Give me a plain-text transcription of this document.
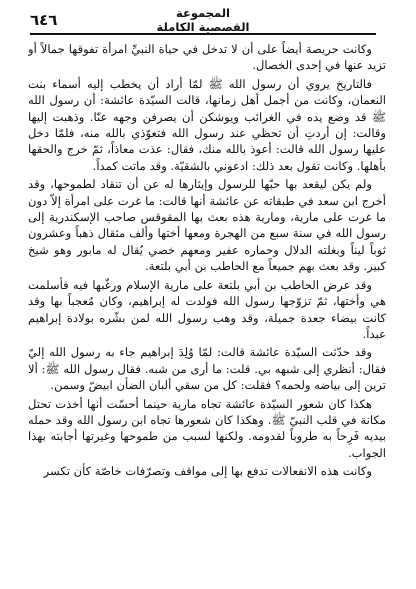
المجموعة
القصصية الكاملة
٦٤٦

وكانت حريصة أيضاً على أن لا تدخل في حياة النبيِّ امرأة تفوقها جمالاً أو تزيد عنها في إحدى الخصال.

فالتاريخ يروي أن رسول الله ﷺ لمّا أراد أن يخطب إليه أسماء بنت النعمان، وكانت من أجمل أهل زمانها، قالت السيّدة عائشة: أن رسول الله ﷺ قد وضع يده في الغرائب ويوشكن أن يصرفن وجهه عنّا. وذهبت إليها وقالت: إن أردتِ أن تحظي عند رسول الله فتعوّذي بالله منه، فلمّا دخل عليها رسول الله قالت: أعوذ بالله منك، فقال: عذت معاذاً، ثمّ خرج والحقها بأهلها. وكانت تقول بعد ذلك: ادعوني بالشقيّة. وقد ماتت كمداً.

ولم يكن ليقعد بها حبّها للرسول وإيثارها له عن أن تنقاد لطموحها، وقد أخرج ابن سعد في طبقاته عن عائشة أنها قالت: ما غرت على امرأة إلاّ دون ما غرت على مارية، ومارية هذه بعث بها المقوقس صاحب الإسكندرية إلى رسول الله في سنة سبع من الهجرة ومعها أختها وألف مثقال ذهباً وعشرون ثوباً ليناً وبغلته الدلال وحماره عفير ومعهم خصي يُقال له مابور وهو شيخ كبير. وقد بعث بهم جميعاً مع الحاطب بن أبي بلتعة.

وقد عرض الحاطب بن أبي بلتعة على مارية الإسلام ورغّبها فيه فأسلمت هي وأختها، ثمّ تزوّجها رسول الله فولدت له إبراهيم، وكان مُعجباً بها وقد كانت بيضاء جعدة جميلة، وقد وهب رسول الله لمن بشّره بولادة إبراهيم عبداً.

وقد حدّثت السيّدة عائشة قالت: لمّا وُلِدَ إبراهيم جاء به رسول الله إليّ فقال: أنظري إلى شبهه بي. قلت: ما أرى من شبه. فقال رسول الله ﷺ: ألا ترين إلى بياضه ولحمه؟ فقلت: كل من سقي ألبان الضأن ابيضّ وسمن.

هكذا كان شعور السيّدة عائشة تجاه مارية حينما أحسّت أنها أخذت تحتل مكانة في قلب النبيّ ﷺ. وهكذا كان شعورها تجاه ابن رسول الله وقد حمله بيديه فَرِحاً به طروباً لقدومه. ولكنها لسبب من طموحها وغيرتها أجابته بهذا الجواب.

وكانت هذه الانفعالات تدفع بها إلى مواقف وتصرّفات خاصّة كأن تكسر
